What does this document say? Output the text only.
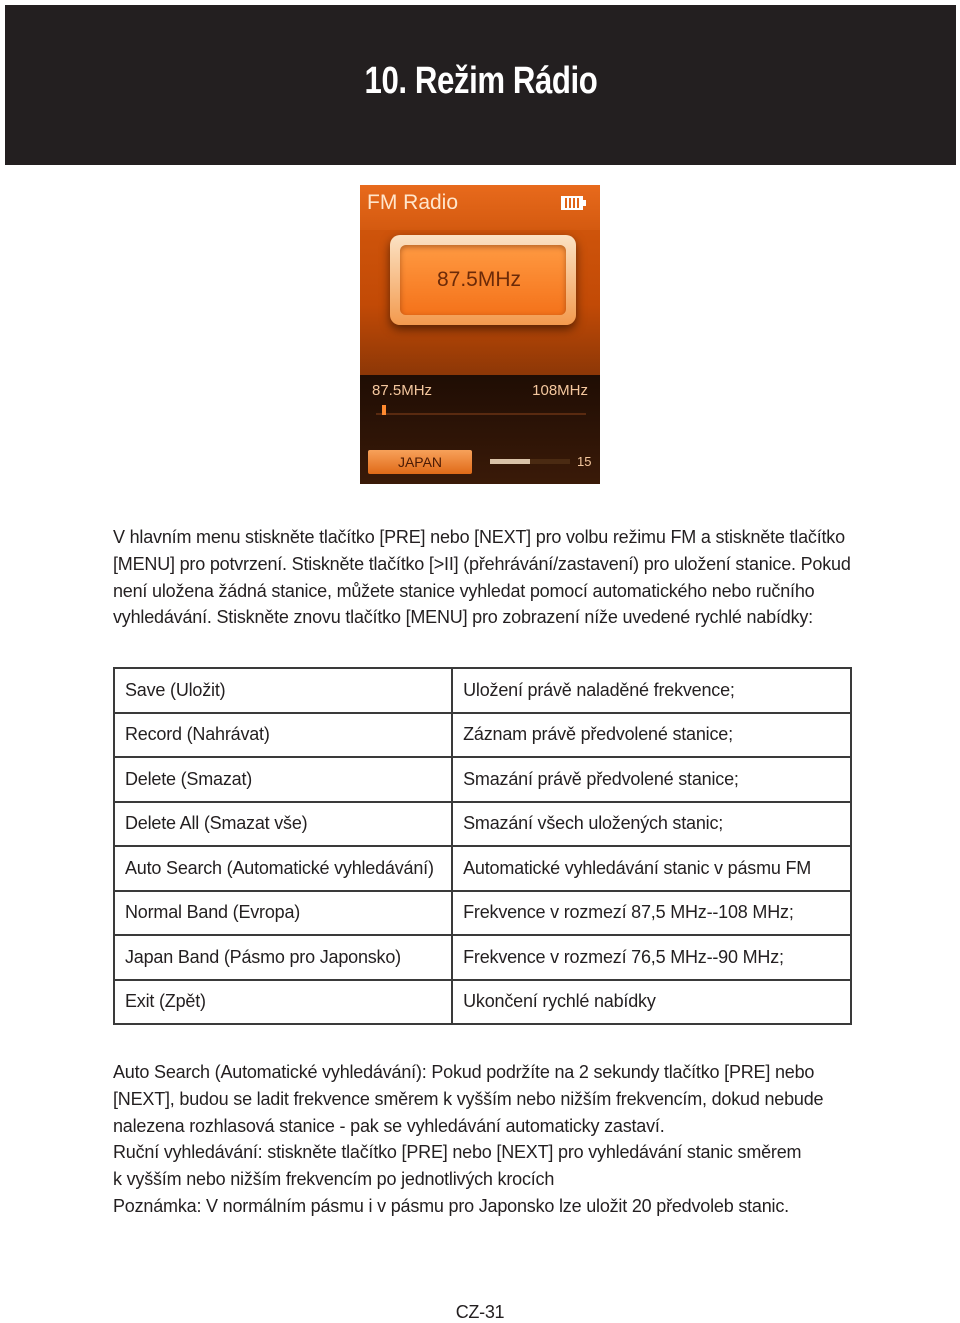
10. Režim Rádio
FM Radio
87.5MHz
87.5MHz	108MHz
JAPAN	15

V hlavním menu stiskněte tlačítko [PRE] nebo [NEXT] pro volbu režimu FM a stiskněte tlačítko

[MENU] pro potvrzení. Stiskněte tlačítko [>II] (přehrávání/zastavení) pro uložení stanice. Pokud

není uložena žádná stanice, můžete stanice vyhledat pomocí automatického nebo ručního

vyhledávání. Stiskněte znovu tlačítko [MENU] pro zobrazení níže uvedené rychlé nabídky:

Save (Uložit)	Uložení právě naladěné frekvence;
Record (Nahrávat)	Záznam právě předvolené stanice;
Delete (Smazat)	Smazání právě předvolené stanice;
Delete All (Smazat vše)	Smazání všech uložených stanic;
Auto Search (Automatické vyhledávání)	Automatické vyhledávání stanic v pásmu FM
Normal Band (Evropa)	Frekvence v rozmezí 87,5 MHz--108 MHz;
Japan Band (Pásmo pro Japonsko)	Frekvence v rozmezí 76,5 MHz--90 MHz;
Exit (Zpět)	Ukončení rychlé nabídky

Auto Search (Automatické vyhledávání): Pokud podržíte na 2 sekundy tlačítko [PRE] nebo

[NEXT], budou se ladit frekvence směrem k vyšším nebo nižším frekvencím, dokud nebude

nalezena rozhlasová stanice - pak se vyhledávání automaticky zastaví.

Ruční vyhledávání: stiskněte tlačítko [PRE] nebo [NEXT] pro vyhledávání stanic směrem

k vyšším nebo nižším frekvencím po jednotlivých krocích

Poznámka: V normálním pásmu i v pásmu pro Japonsko lze uložit 20 předvoleb stanic.

CZ-31
